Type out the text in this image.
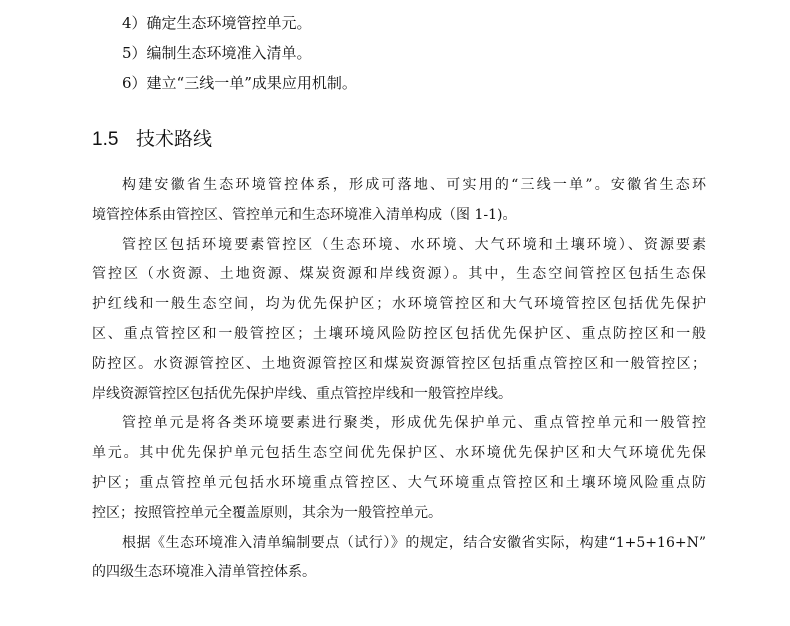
4）确定生态环境管控单元。
5）编制生态环境准入清单。
6）建立“三线一单”成果应用机制。
1.5 技术路线

构建安徽省生态环境管控体系，形成可落地、可实用的“三线一单”。安徽省生态环
境管控体系由管控区、管控单元和生态环境准入清单构成（图 1-1)。

管控区包括环境要素管控区（生态环境、水环境、大气环境和土壤环境）、资源要素
管控区（水资源、土地资源、煤炭资源和岸线资源）。其中，生态空间管控区包括生态保
护红线和一般生态空间，均为优先保护区；水环境管控区和大气环境管控区包括优先保护
区、重点管控区和一般管控区；土壤环境风险防控区包括优先保护区、重点防控区和一般
防控区。水资源管控区、土地资源管控区和煤炭资源管控区包括重点管控区和一般管控区；
岸线资源管控区包括优先保护岸线、重点管控岸线和一般管控岸线。

管控单元是将各类环境要素进行聚类，形成优先保护单元、重点管控单元和一般管控
单元。其中优先保护单元包括生态空间优先保护区、水环境优先保护区和大气环境优先保
护区；重点管控单元包括水环境重点管控区、大气环境重点管控区和土壤环境风险重点防
控区；按照管控单元全覆盖原则，其余为一般管控单元。

根据《生态环境准入清单编制要点（试行）》的规定，结合安徽省实际，构建“1+5+16+N”
的四级生态环境准入清单管控体系。
